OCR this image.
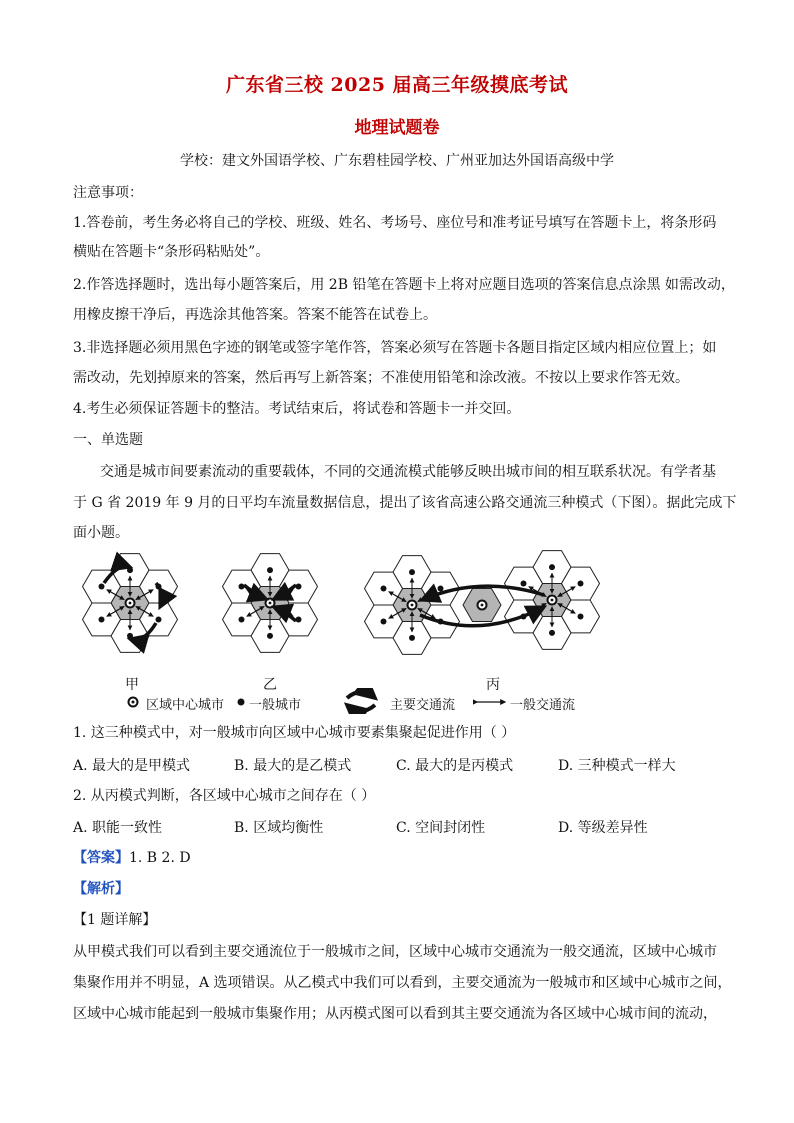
广东省三校 2025 届高三年级摸底考试
地理试题卷
学校：建文外国语学校、广东碧桂园学校、广州亚加达外国语高级中学
注意事项：
1.答卷前，考生务必将自己的学校、班级、姓名、考场号、座位号和准考证号填写在答题卡上，将条形码
横贴在答题卡“条形码粘贴处”。
2.作答选择题时，选出每小题答案后，用 2B 铅笔在答题卡上将对应题目选项的答案信息点涂黑 如需改动，
用橡皮擦干净后，再选涂其他答案。答案不能答在试卷上。
3.非选择题必须用黑色字迹的钢笔或签字笔作答，答案必须写在答题卡各题目指定区域内相应位置上；如
需改动，先划掉原来的答案，然后再写上新答案；不准使用铅笔和涂改液。不按以上要求作答无效。
4.考生必须保证答题卡的整洁。考试结束后，将试卷和答题卡一并交回。
一、单选题
交通是城市间要素流动的重要载体，不同的交通流模式能够反映出城市间的相互联系状况。有学者基
于 G 省 2019 年 9 月的日平均车流量数据信息，提出了该省高速公路交通流三种模式（下图）。据此完成下
面小题。
甲	乙	丙
区域中心城市 一般城市	主要交通流	一般交通流
1. 这三种模式中，对一般城市向区域中心城市要素集聚起促进作用（ ）
A. 最大的是甲模式	B. 最大的是乙模式	C. 最大的是丙模式	D. 三种模式一样大
2. 从丙模式判断，各区域中心城市之间存在（ ）
A. 职能一致性	B. 区域均衡性	C. 空间封闭性	D. 等级差异性
【答案】1. B 2. D
【解析】
【1 题详解】
从甲模式我们可以看到主要交通流位于一般城市之间，区域中心城市交通流为一般交通流，区域中心城市
集聚作用并不明显，A 选项错误。从乙模式中我们可以看到，主要交通流为一般城市和区域中心城市之间，
区域中心城市能起到一般城市集聚作用；从丙模式图可以看到其主要交通流为各区域中心城市间的流动，
